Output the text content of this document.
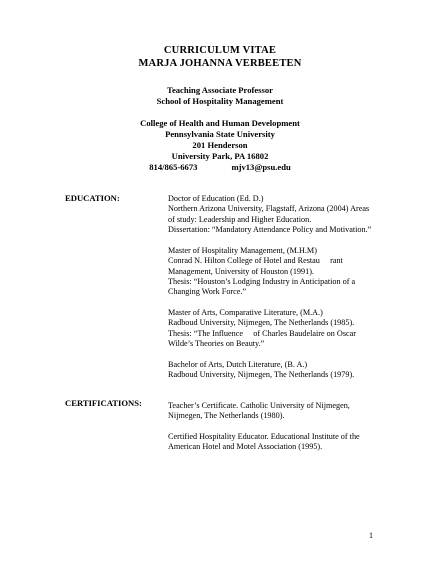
CURRICULUM VITAE
MARJA JOHANNA VERBEETEN
Teaching Associate Professor
School of Hospitality Management
College of Health and Human Development
Pennsylvania State University
201 Henderson
University Park, PA 16802
814/865-6673	mjv13@psu.edu
EDUCATION:	Doctor of Education (Ed. D.)
Northern Arizona University, Flagstaff, Arizona (2004) Areas
of study: Leadership and Higher Education.
Dissertation: “Mandatory Attendance Policy and Motivation.”
Master of Hospitality Management, (M.H.M)
Conrad N. Hilton College of Hotel and Restau     rant
Management, University of Houston (1991).
Thesis: “Houston’s Lodging Industry in Anticipation of a
Changing Work Force.”
Master of Arts, Comparative Literature, (M.A.)
Radboud University, Nijmegen, The Netherlands (1985).
Thesis: “The Influence     of Charles Baudelaire on Oscar
Wilde’s Theories on Beauty.”
Bachelor of Arts, Dutch Literature, (B. A.)
Radboud University, Nijmegen, The Netherlands (1979).
CERTIFICATIONS:	Teacher’s Certificate. Catholic University of Nijmegen,
Nijmegen, The Netherlands (1980).
Certified Hospitality Educator. Educational Institute of the
American Hotel and Motel Association (1995).
1
